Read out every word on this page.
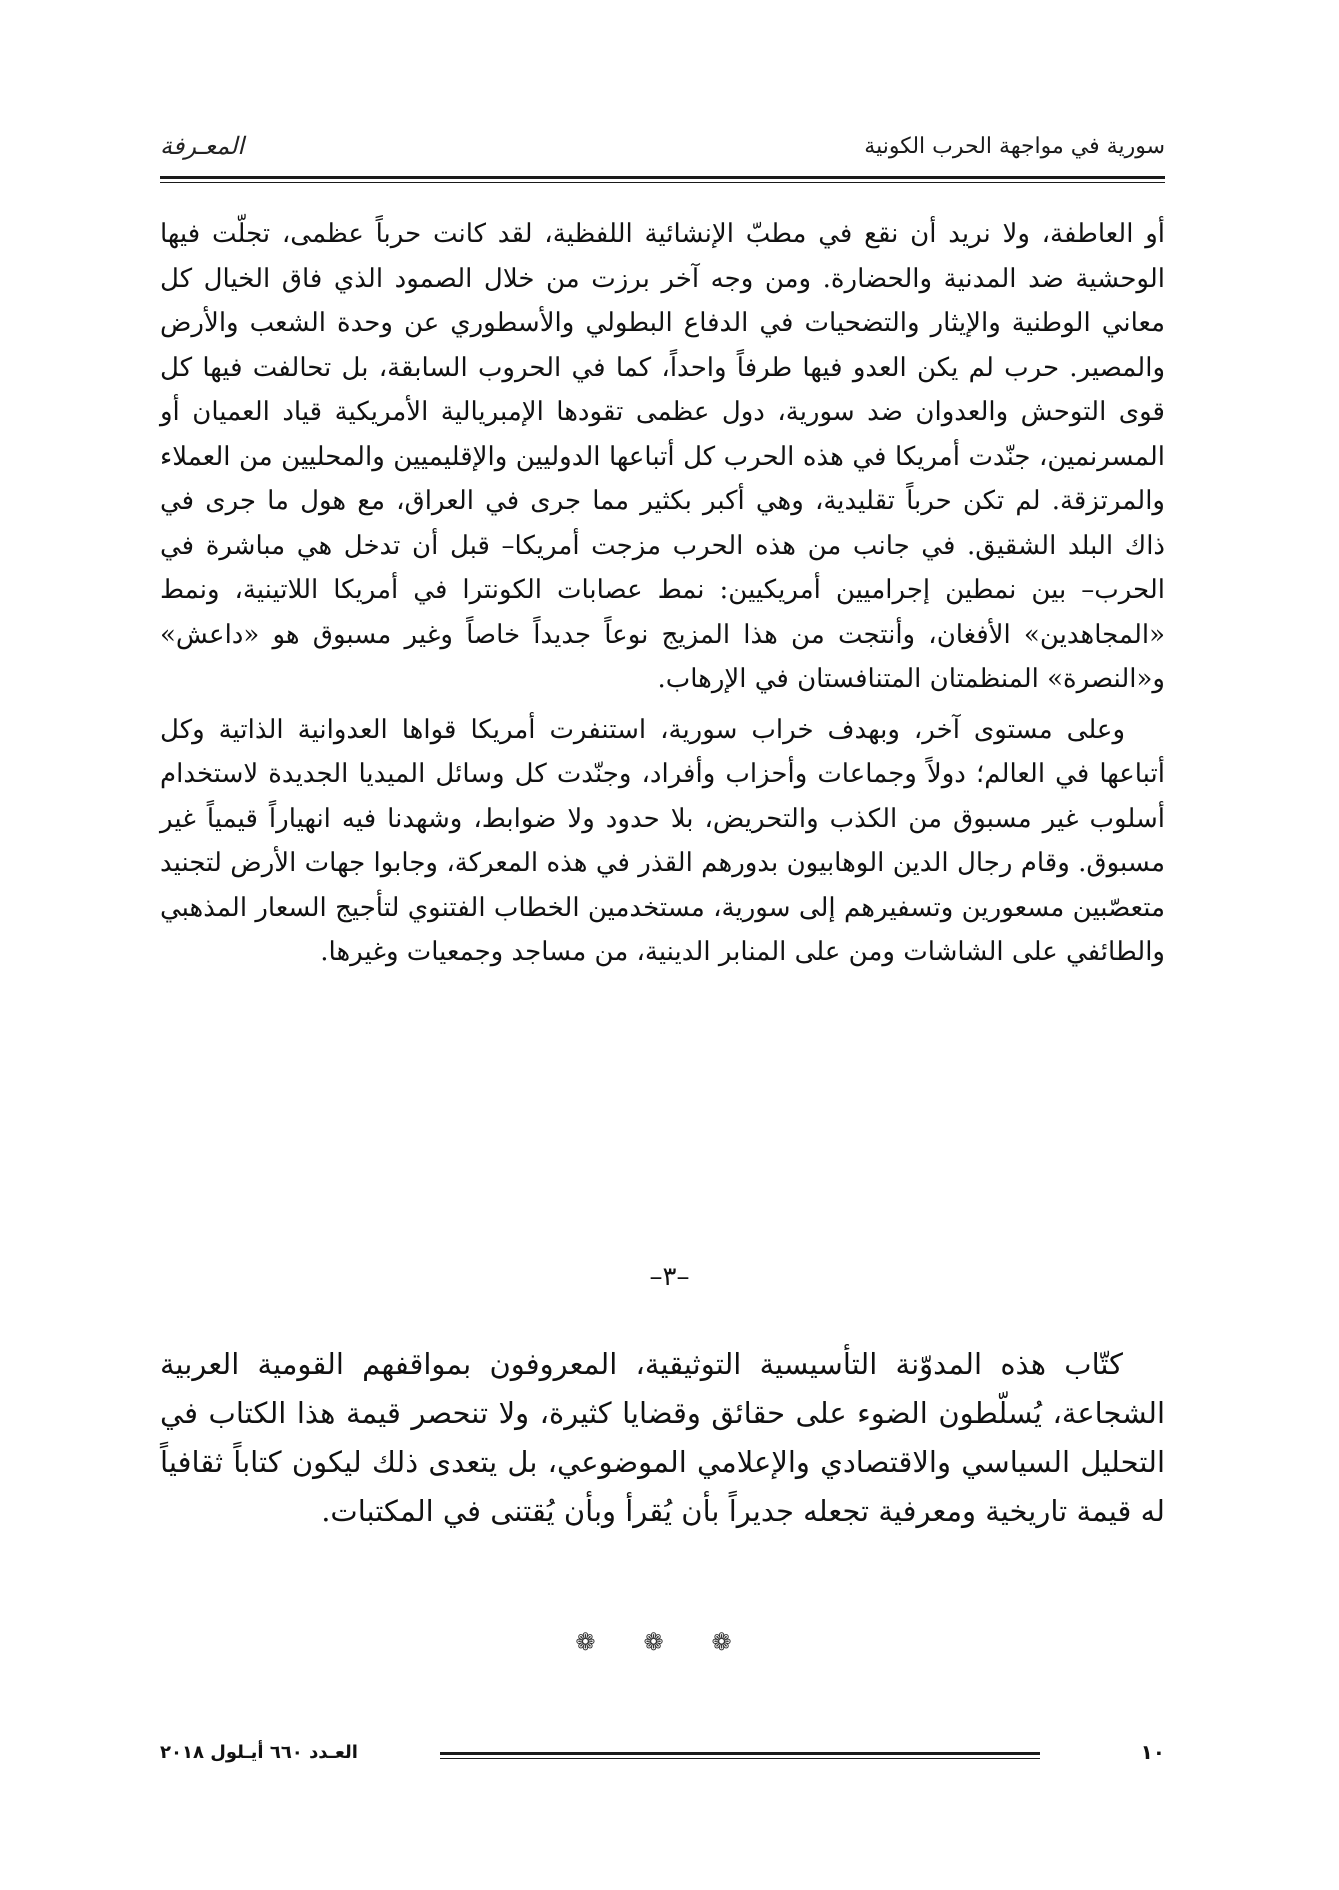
المعـرفة	سورية في مواجهة الحرب الكونية

أو العاطفة، ولا نريد أن نقع في مطبّ الإنشائية اللفظية، لقد كانت حرباً عظمى، تجلّت فيها الوحشية ضد المدنية والحضارة. ومن وجه آخر برزت من خلال الصمود الذي فاق الخيال كل معاني الوطنية والإيثار والتضحيات في الدفاع البطولي والأسطوري عن وحدة الشعب والأرض والمصير. حرب لم يكن العدو فيها طرفاً واحداً، كما في الحروب السابقة، بل تحالفت فيها كل قوى التوحش والعدوان ضد سورية، دول عظمى تقودها الإمبريالية الأمريكية قياد العميان أو المسرنمين، جنّدت أمريكا في هذه الحرب كل أتباعها الدوليين والإقليميين والمحليين من العملاء والمرتزقة. لم تكن حرباً تقليدية، وهي أكبر بكثير مما جرى في العراق، مع هول ما جرى في ذاك البلد الشقيق. في جانب من هذه الحرب مزجت أمريكا– قبل أن تدخل هي مباشرة في الحرب– بين نمطين إجراميين أمريكيين: نمط عصابات الكونترا في أمريكا اللاتينية، ونمط «المجاهدين» الأفغان، وأنتجت من هذا المزيج نوعاً جديداً خاصاً وغير مسبوق هو «داعش» و«النصرة» المنظمتان المتنافستان في الإرهاب.

وعلى مستوى آخر، وبهدف خراب سورية، استنفرت أمريكا قواها العدوانية الذاتية وكل أتباعها في العالم؛ دولاً وجماعات وأحزاب وأفراد، وجنّدت كل وسائل الميديا الجديدة لاستخدام أسلوب غير مسبوق من الكذب والتحريض، بلا حدود ولا ضوابط، وشهدنا فيه انهياراً قيمياً غير مسبوق. وقام رجال الدين الوهابيون بدورهم القذر في هذه المعركة، وجابوا جهات الأرض لتجنيد متعصّبين مسعورين وتسفيرهم إلى سورية، مستخدمين الخطاب الفتنوي لتأجيج السعار المذهبي والطائفي على الشاشات ومن على المنابر الدينية، من مساجد وجمعيات وغيرها.

–٣–

كتّاب هذه المدوّنة التأسيسية التوثيقية، المعروفون بمواقفهم القومية العربية الشجاعة، يُسلّطون الضوء على حقائق وقضايا كثيرة، ولا تنحصر قيمة هذا الكتاب في التحليل السياسي والاقتصادي والإعلامي الموضوعي، بل يتعدى ذلك ليكون كتاباً ثقافياً له قيمة تاريخية ومعرفية تجعله جديراً بأن يُقرأ وبأن يُقتنى في المكتبات.

❁ ❁ ❁
العـدد ٦٦٠ أيـلول ٢٠١٨	١٠
